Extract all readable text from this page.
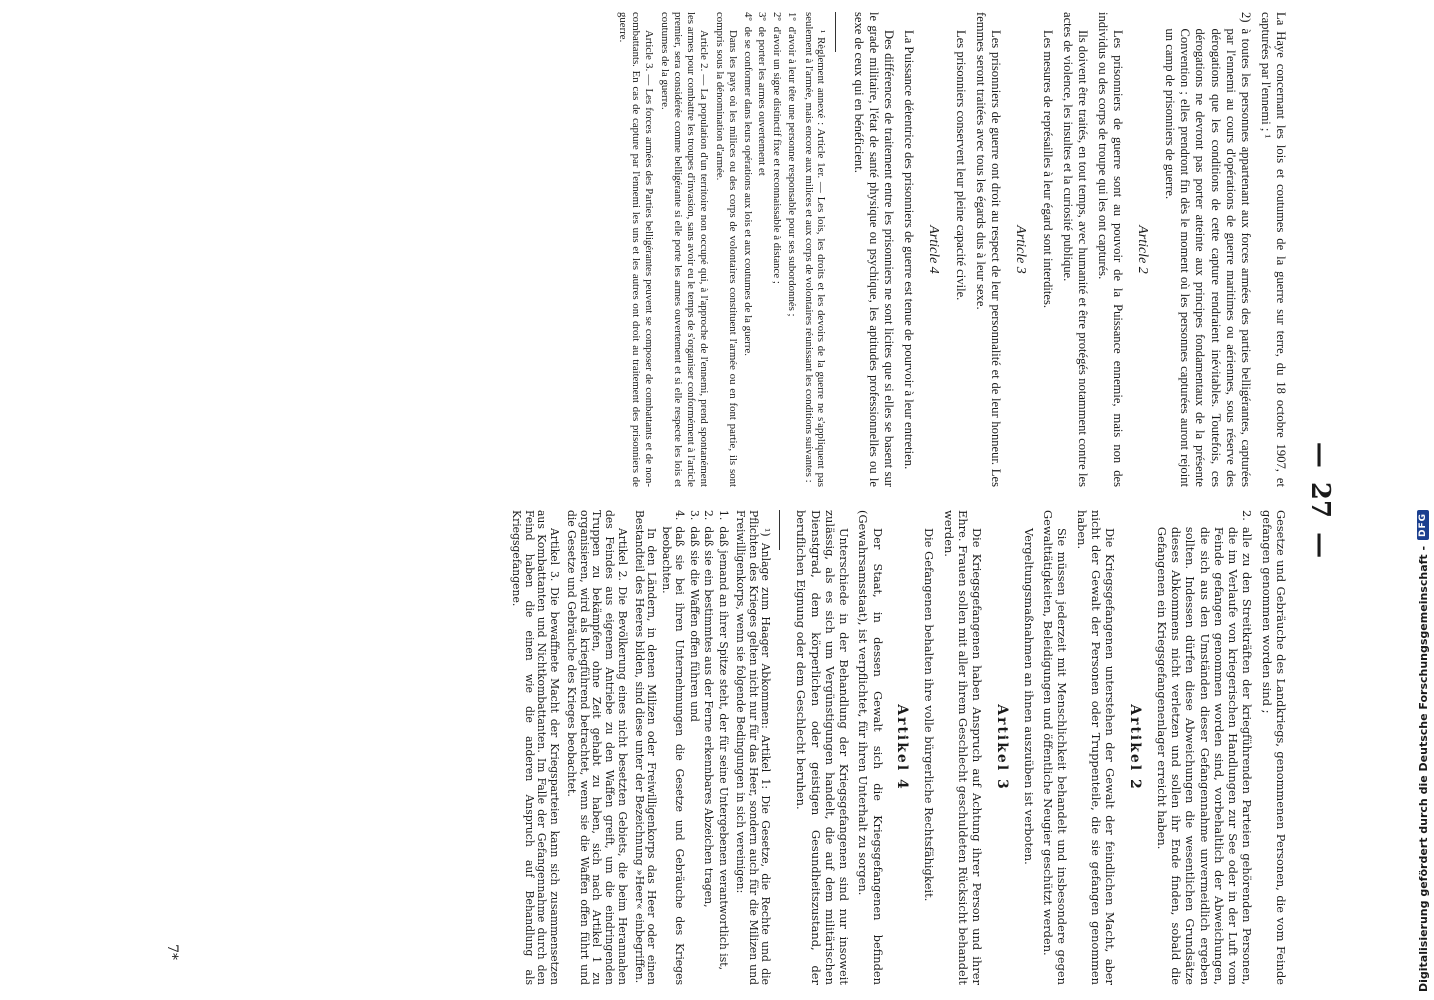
—
27
—

La Haye concernant les lois et coutumes de la guerre sur terre, du 18 octobre 1907, et capturées par l'ennemi ; ¹

2)
à toutes les personnes appartenant aux forces armées des parties belligérantes, capturées par l'ennemi au cours d'opérations de guerre maritimes ou aériennes, sous réserve des dérogations que les conditions de cette capture rendraient inévitables. Toutefois, ces dérogations ne devront pas porter atteinte aux principes fondamentaux de la présente Convention ; elles prendront fin dès le moment où les personnes capturées auront rejoint un camp de prisonniers de guerre.
Article 2

Les prisonniers de guerre sont au pouvoir de la Puissance ennemie, mais non des individus ou des corps de troupe qui les ont capturés.

Ils doivent être traités, en tout temps, avec humanité et être protégés notamment contre les actes de violence, les insultes et la curiosité publique.

Les mesures de représailles à leur égard sont interdites.

Article 3

Les prisonniers de guerre ont droit au respect de leur personnalité et de leur honneur. Les femmes seront traitées avec tous les égards dus à leur sexe.

Les prisonniers conservent leur pleine capacité civile.

Article 4

La Puissance détentrice des prisonniers de guerre est tenue de pourvoir à leur entretien.

Des différences de traitement entre les prisonniers ne sont licites que si elles se basent sur le grade militaire, l'état de santé physique ou psychique, les aptitudes professionnelles ou le sexe de ceux qui en bénéficient.

¹ Règlement annexé : Article 1er. — Les lois, les droits et les devoirs de la guerre ne s'appliquent pas seulement à l'armée, mais encore aux milices et aux corps de volontaires réunissant les conditions suivantes :

1º
d'avoir à leur tête une personne responsable pour ses subordonnés ;
2º
d'avoir un signe distinctif fixe et reconnaissable à distance ;
3º
de porter les armes ouvertement et
4º
de se conformer dans leurs opérations aux lois et aux coutumes de la guerre.

Dans les pays où les milices ou des corps de volontaires constituent l'armée ou en font partie, ils sont compris sous la dénomination d'armée.

Article 2. — La population d'un territoire non occupé qui, à l'approche de l'ennemi, prend spontanément les armes pour combattre les troupes d'invasion, sans avoir eu le temps de s'organiser conformément à l'article premier, sera considérée comme belligérante si elle porte les armes ouvertement et si elle respecte les lois et coutumes de la guerre.

Article 3. — Les forces armées des Parties belligérantes peuvent se composer de combattants et de non-combattants. En cas de capture par l'ennemi les uns et les autres ont droit au traitement des prisonniers de guerre.

Gesetze und Gebräuche des Landkriegs, genommenen Personen, die vom Feinde gefangen genommen worden sind ;

2.
alle zu den Streitkräften der kriegführenden Parteien gehörenden Personen, die im Verlaufe von kriegerischen Handlungen zur See oder in der Luft vom Feinde gefangen genommen worden sind, vorbehaltlich der Abweichungen, die sich aus den Umständen dieser Gefangennahme unvermeidlich ergeben sollten. Indessen dürfen diese Abweichungen die wesentlichen Grundsätze dieses Abkommens nicht verletzen und sollen ihr Ende finden, sobald die Gefangenen ein Kriegsgefangenenlager erreicht haben.
Artikel 2

Die Kriegsgefangenen unterstehen der Gewalt der feindlichen Macht, aber nicht der Gewalt der Personen oder Truppenteile, die sie gefangen genommen haben.

Sie müssen jederzeit mit Menschlichkeit behandelt und insbesondere gegen Gewalttätigkeiten, Beleidigungen und öffentliche Neugier geschützt werden.

Vergeltungsmaßnahmen an ihnen auszuüben ist verboten.

Artikel 3

Die Kriegsgefangenen haben Anspruch auf Achtung ihrer Person und ihrer Ehre. Frauen sollen mit aller ihrem Geschlecht geschuldeten Rücksicht behandelt werden.

Die Gefangenen behalten ihre volle bürgerliche Rechtsfähigkeit.

Artikel 4

Der Staat, in dessen Gewalt sich die Kriegsgefangenen befinden (Gewahrsamsstaat), ist verpflichtet, für ihren Unterhalt zu sorgen.

Unterschiede in der Behandlung der Kriegsgefangenen sind nur insoweit zulässig, als es sich um Vergünstigungen handelt, die auf dem militärischen Dienstgrad, dem körperlichen oder geistigen Gesundheitszustand, der beruflichen Eignung oder dem Geschlecht beruhen.

¹) Anlage zum Haager Abkommen: Artikel 1: Die Gesetze, die Rechte und die Pflichten des Krieges gelten nicht nur für das Heer, sondern auch für die Milizen und Freiwilligenkorps, wenn sie folgende Bedingungen in sich vereinigen:

1.
daß jemand an ihrer Spitze steht, der für seine Untergebenen verantwortlich ist,
2.
daß sie ein bestimmtes aus der Ferne erkennbares Abzeichen tragen,
3.
daß sie die Waffen offen führen und
4.
daß sie bei ihren Unternehmungen die Gesetze und Gebräuche des Krieges beobachten.

In den Ländern, in denen Milizen oder Freiwilligenkorps das Heer oder einen Bestandteil des Heeres bilden, sind diese unter der Bezeichnung »Heer« einbegriffen.

Artikel 2. Die Bevölkerung eines nicht besetzten Gebiets, die beim Herannahen des Feindes aus eigenem Antriebe zu den Waffen greift, um die eindringenden Truppen zu bekämpfen, ohne Zeit gehabt zu haben, sich nach Artikel 1 zu organisieren, wird als kriegführend betrachtet, wenn sie die Waffen offen führt und die Gesetze und Gebräuche des Krieges beobachtet.

Artikel 3. Die bewaffnete Macht der Kriegsparteien kann sich zusammensetzen aus Kombattanten und Nichtkombattanten. Im Falle der Gefangennahme durch den Feind haben die einen wie die anderen Anspruch auf Behandlung als Kriegsgefangene.

7*	Digitalisierung gefördert durch die Deutsche Forschungsgemeinschaft -
DFG
